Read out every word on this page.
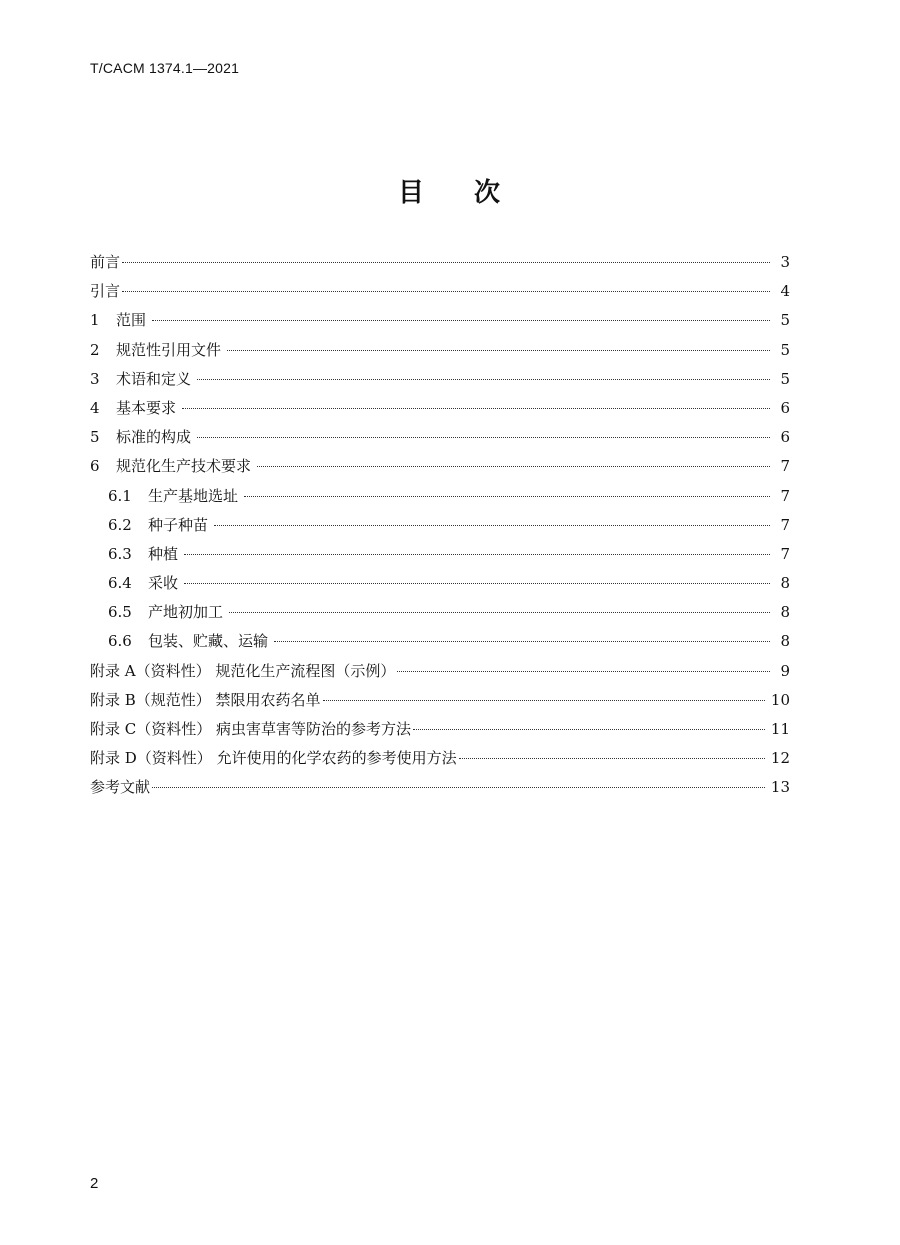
T/CACM 1374.1—2021
目 次
前言	3
引言	4
1	范围	5
2	规范性引用文件	5
3	术语和定义	5
4	基本要求	6
5	标准的构成	6
6	规范化生产技术要求	7
6.1	生产基地选址	7
6.2	种子种苗	7
6.3	种植	7
6.4	采收	8
6.5	产地初加工	8
6.6	包装、贮藏、运输	8
附录 A（资料性） 规范化生产流程图（示例）	9
附录 B（规范性） 禁限用农药名单	10
附录 C（资料性） 病虫害草害等防治的参考方法	11
附录 D（资料性） 允许使用的化学农药的参考使用方法	12
参考文献	13
2
